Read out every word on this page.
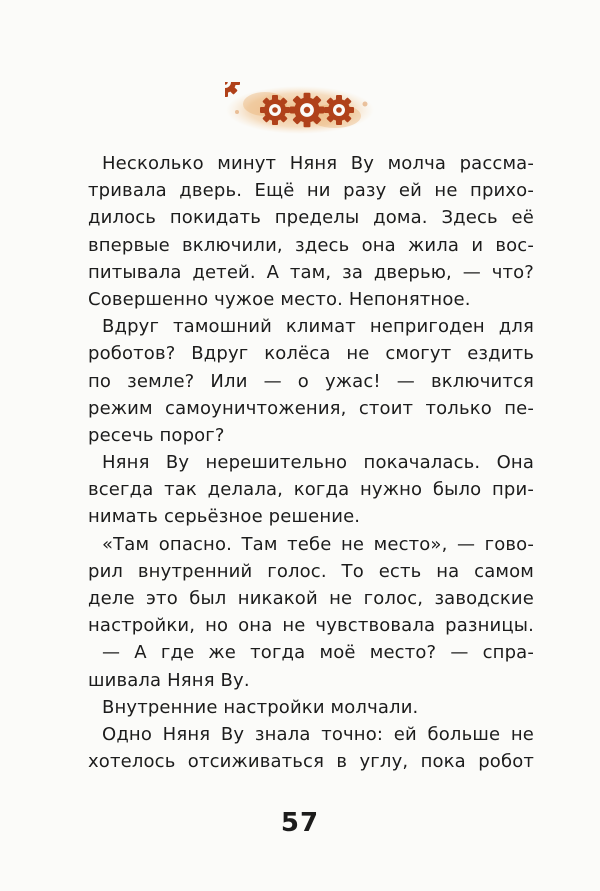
Несколько минут Няня Ву молча рассма-
тривала дверь. Ещё ни разу ей не прихо-
дилось покидать пределы дома. Здесь её
впервые включили, здесь она жила и вос-
питывала детей. А там, за дверью, — что?
Совершенно чужое место. Непонятное.
Вдруг тамошний климат непригоден для
роботов? Вдруг колёса не смогут ездить
по земле? Или — о ужас! — включится
режим самоуничтожения, стоит только пе-
ресечь порог?
Няня Ву нерешительно покачалась. Она
всегда так делала, когда нужно было при-
нимать серьёзное решение.
«Там опасно. Там тебе не место», — гово-
рил внутренний голос. То есть на самом
деле это был никакой не голос, заводские
настройки, но она не чувствовала разницы.
— А где же тогда моё место? — спра-
шивала Няня Ву.
Внутренние настройки молчали.
Одно Няня Ву знала точно: ей больше не
хотелось отсиживаться в углу, пока робот
57
